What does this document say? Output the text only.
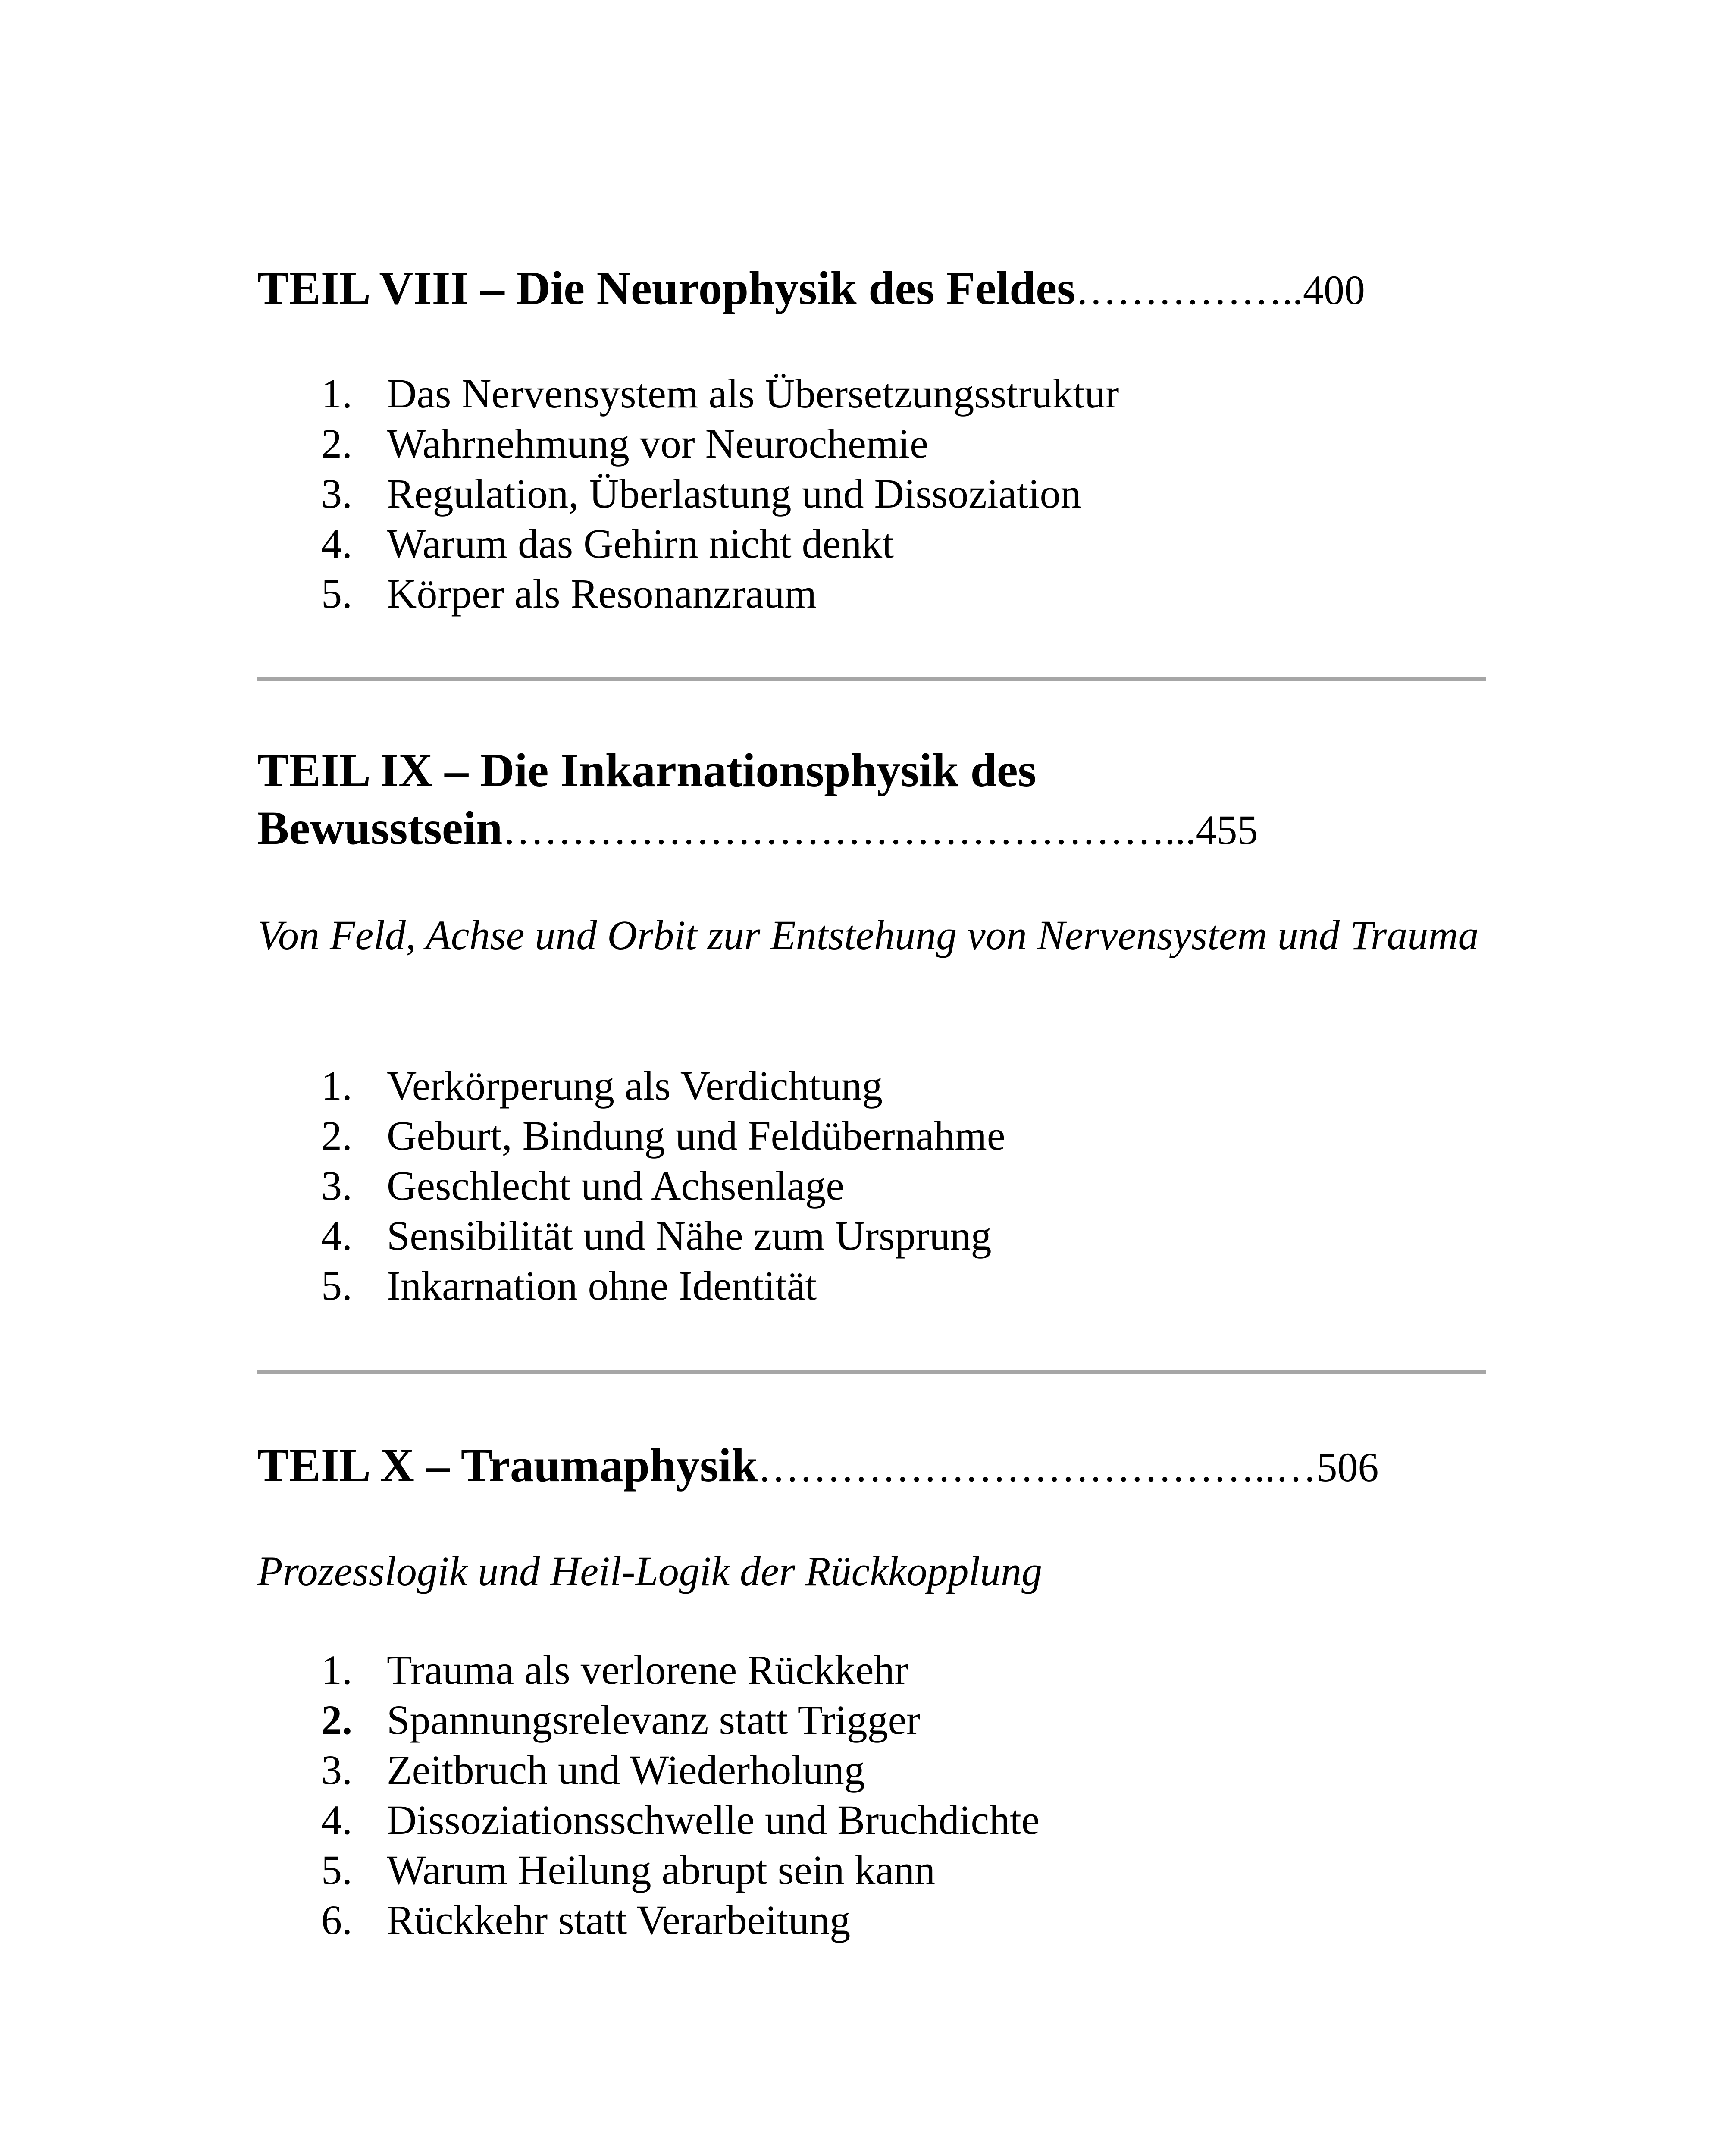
TEIL VIII – Die Neurophysik des Feldes……………..400
1. Das Nervensystem als Übersetzungsstruktur
2. Wahrnehmung vor Neurochemie
3. Regulation, Überlastung und Dissoziation
4. Warum das Gehirn nicht denkt
5. Körper als Resonanzraum
TEIL IX – Die Inkarnationsphysik des
Bewusstsein…………………………………………...455
Von Feld, Achse und Orbit zur Entstehung von Nervensystem und Trauma
1. Verkörperung als Verdichtung
2. Geburt, Bindung und Feldübernahme
3. Geschlecht und Achsenlage
4. Sensibilität und Nähe zum Ursprung
5. Inkarnation ohne Identität
TEIL X – Traumaphysik………………………………..…506
Prozesslogik und Heil-Logik der Rückkopplung
1. Trauma als verlorene Rückkehr
2. Spannungsrelevanz statt Trigger
3. Zeitbruch und Wiederholung
4. Dissoziationsschwelle und Bruchdichte
5. Warum Heilung abrupt sein kann
6. Rückkehr statt Verarbeitung
